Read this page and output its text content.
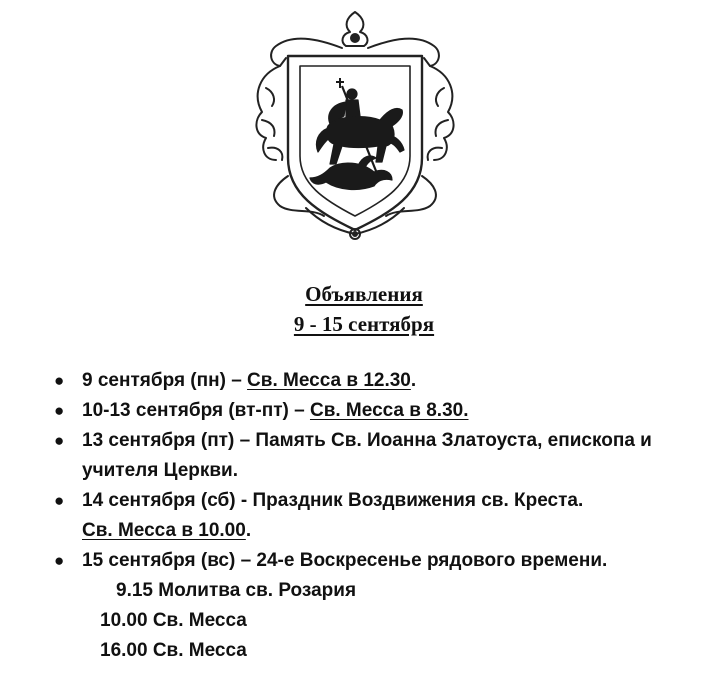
Объявления
9 - 15 сентября
● 9 сентября (пн) – Св. Месса в 12.30.
● 10-13 сентября (вт-пт) – Св. Месса в 8.30.
● 13 сентября (пт) – Память Св. Иоанна Златоуста, епископа и учителя Церкви.
● 14 сентября (сб) - Праздник Воздвижения св. Креста.
Св. Месса в 10.00.
● 15 сентября (вс) – 24-е Воскресенье рядового времени.
9.15 Молитва св. Розария
10.00 Св. Месса
16.00 Св. Месса
